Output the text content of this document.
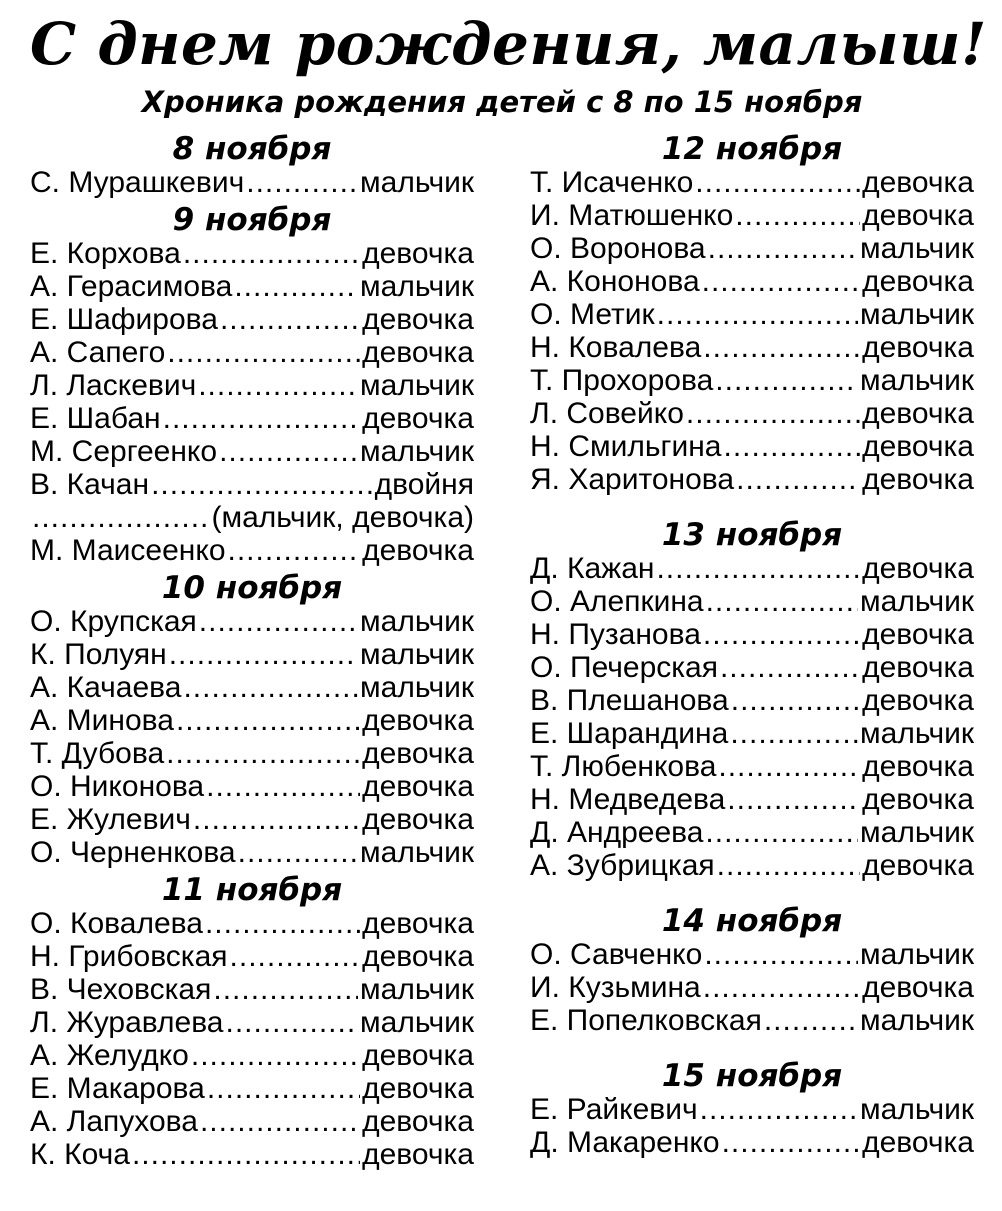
С днем рождения, малыш!
Хроника рождения детей с 8 по 15 ноября
8 ноября
С. Мурашкевич .....	мальчик
9 ноября
Е. Корхова .....	девочка
А. Герасимова .....	мальчик
Е. Шафирова .....	девочка
А. Сапего .....	девочка
Л. Ласкевич .....	мальчик
Е. Шабан .....	девочка
М. Сергеенко .....	мальчик
В. Качан .....	двойня
.....
(мальчик, девочка)
М. Маисеенко .....	девочка
10 ноября
О. Крупская .....	мальчик
К. Полуян .....	мальчик
А. Качаева .....	мальчик
А. Минова .....	девочка
Т. Дубова .....	девочка
О. Никонова .....	девочка
Е. Жулевич .....	девочка
О. Черненкова .....	мальчик
11 ноября
О. Ковалева .....	девочка
Н. Грибовская .....	девочка
В. Чеховская .....	мальчик
Л. Журавлева .....	мальчик
А. Желудко .....	девочка
Е. Макарова .....	девочка
А. Лапухова .....	девочка
К. Коча .....	девочка
12 ноября
Т. Исаченко .....	девочка
И. Матюшенко .....	девочка
О. Воронова .....	мальчик
А. Кононова .....	девочка
О. Метик .....	мальчик
Н. Ковалева .....	девочка
Т. Прохорова .....	мальчик
Л. Совейко .....	девочка
Н. Смильгина .....	девочка
Я. Харитонова .....	девочка
13 ноября
Д. Кажан .....	девочка
О. Алепкина .....	мальчик
Н. Пузанова .....	девочка
О. Печерская .....	девочка
В. Плешанова .....	девочка
Е. Шарандина .....	мальчик
Т. Любенкова .....	девочка
Н. Медведева .....	девочка
Д. Андреева .....	мальчик
А. Зубрицкая .....	девочка
14 ноября
О. Савченко .....	мальчик
И. Кузьмина .....	девочка
Е. Попелковская .....	мальчик
15 ноября
Е. Райкевич .....	мальчик
Д. Макаренко .....	девочка
